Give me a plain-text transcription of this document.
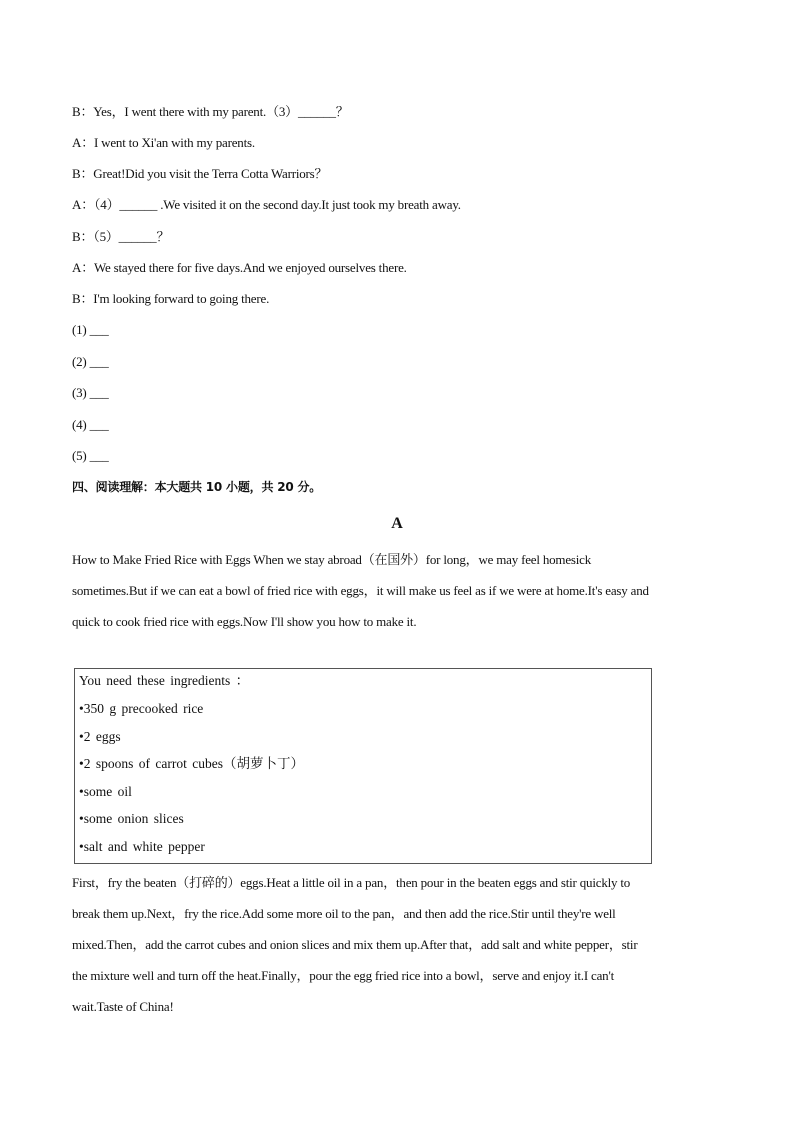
B：Yes，I went there with my parent.（3）______？
A：I went to Xi'an with my parents.
B：Great!Did you visit the Terra Cotta Warriors？
A：（4）______ .We visited it on the second day.It just took my breath away.
B：（5）______？
A：We stayed there for five days.And we enjoyed ourselves there.
B：I'm looking forward to going there.
(1) ___
(2) ___
(3) ___
(4) ___
(5) ___
四、阅读理解：本大题共 10 小题，共 20 分。
A
How to Make Fried Rice with Eggs When we stay abroad（在国外）for long，we may feel homesick
sometimes.But if we can eat a bowl of fried rice with eggs，it will make us feel as if we were at home.It's easy and
quick to cook fried rice with eggs.Now I'll show you how to make it.
You need these ingredients ：
•350 g precooked rice
•2 eggs
•2 spoons of carrot cubes（胡萝卜丁）
•some oil
•some onion slices
•salt and white pepper
First，fry the beaten（打碎的）eggs.Heat a little oil in a pan，then pour in the beaten eggs and stir quickly to
break them up.Next，fry the rice.Add some more oil to the pan，and then add the rice.Stir until they're well
mixed.Then，add the carrot cubes and onion slices and mix them up.After that，add salt and white pepper，stir
the mixture well and turn off the heat.Finally，pour the egg fried rice into a bowl，serve and enjoy it.I can't
wait.Taste of China!
